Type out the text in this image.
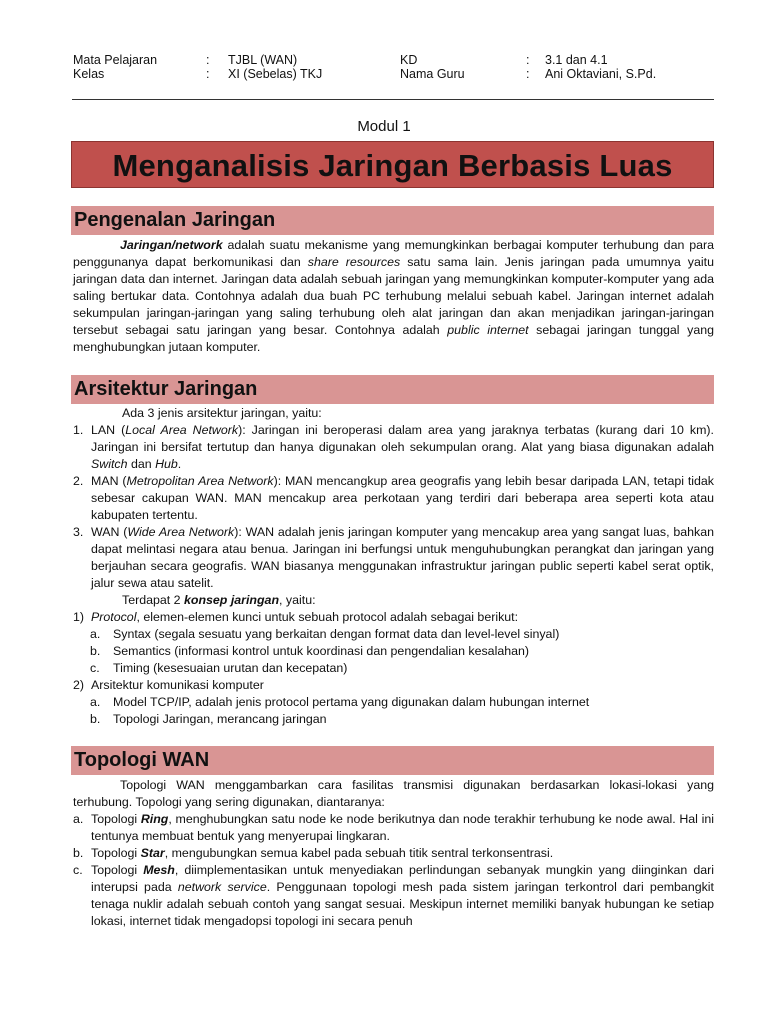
Mata Pelajaran	: TJBL (WAN)	KD	: 3.1 dan 4.1
Kelas	: XI (Sebelas) TKJ	Nama Guru	: Ani Oktaviani, S.Pd.
Modul 1
Menganalisis Jaringan Berbasis Luas
Pengenalan Jaringan

Jaringan/network adalah suatu mekanisme yang memungkinkan berbagai komputer terhubung dan para penggunanya dapat berkomunikasi dan share resources satu sama lain. Jenis jaringan pada umumnya yaitu jaringan data dan internet. Jaringan data adalah sebuah jaringan yang memungkinkan komputer-komputer yang ada saling bertukar data. Contohnya adalah dua buah PC terhubung melalui sebuah kabel. Jaringan internet adalah sekumpulan jaringan-jaringan yang saling terhubung oleh alat jaringan dan akan menjadikan jaringan-jaringan tersebut sebagai satu jaringan yang besar. Contohnya adalah public internet sebagai jaringan tunggal yang menghubungkan jutaan komputer.

Arsitektur Jaringan

Ada 3 jenis arsitektur jaringan, yaitu:

1. LAN (Local Area Network): Jaringan ini beroperasi dalam area yang jaraknya terbatas (kurang dari 10 km). Jaringan ini bersifat tertutup dan hanya digunakan oleh sekumpulan orang. Alat yang biasa digunakan adalah Switch dan Hub.

2. MAN (Metropolitan Area Network): MAN mencangkup area geografis yang lebih besar daripada LAN, tetapi tidak sebesar cakupan WAN. MAN mencakup area perkotaan yang terdiri dari beberapa area seperti kota atau kabupaten tertentu.

3. WAN (Wide Area Network): WAN adalah jenis jaringan komputer yang mencakup area yang sangat luas, bahkan dapat melintasi negara atau benua. Jaringan ini berfungsi untuk menguhubungkan perangkat dan jaringan yang berjauhan secara geografis. WAN biasanya menggunakan infrastruktur jaringan public seperti kabel serat optik, jalur sewa atau satelit.

Terdapat 2 konsep jaringan, yaitu:

1) Protocol, elemen-elemen kunci untuk sebuah protocol adalah sebagai berikut:

a. Syntax (segala sesuatu yang berkaitan dengan format data dan level-level sinyal)

b. Semantics (informasi kontrol untuk koordinasi dan pengendalian kesalahan)

c. Timing (kesesuaian urutan dan kecepatan)

2) Arsitektur komunikasi komputer

a. Model TCP/IP, adalah jenis protocol pertama yang digunakan dalam hubungan internet

b. Topologi Jaringan, merancang jaringan

Topologi WAN

Topologi WAN menggambarkan cara fasilitas transmisi digunakan berdasarkan lokasi-lokasi yang terhubung. Topologi yang sering digunakan, diantaranya:

a. Topologi Ring, menghubungkan satu node ke node berikutnya dan node terakhir terhubung ke node awal. Hal ini tentunya membuat bentuk yang menyerupai lingkaran.

b. Topologi Star, mengubungkan semua kabel pada sebuah titik sentral terkonsentrasi.

c. Topologi Mesh, diimplementasikan untuk menyediakan perlindungan sebanyak mungkin yang diinginkan dari interupsi pada network service. Penggunaan topologi mesh pada sistem jaringan terkontrol dari pembangkit tenaga nuklir adalah sebuah contoh yang sangat sesuai. Meskipun internet memiliki banyak hubungan ke setiap lokasi, internet tidak mengadopsi topologi ini secara penuh
